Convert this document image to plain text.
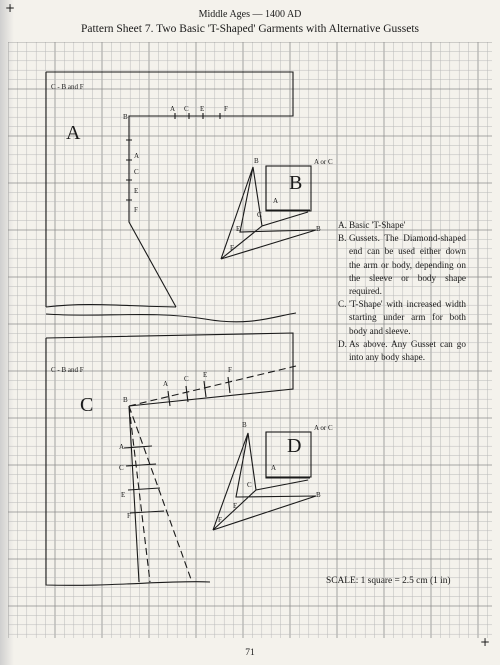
Middle Ages — 1400 AD
Pattern Sheet 7. Two Basic 'T-Shaped' Garments with Alternative Gussets
+
+
C - B and F
A
B
A C E	F
A
C
E
F
B
A or C
B
C
A
F
E	B
C - B and F
C	B
A
C E
F
A
C
E
F
D
A or C
B
C
A
F
E
B
A. Basic 'T-Shape'
B. Gussets. The Diamond-shaped end can be used either down the arm or body, depending on the sleeve or body shape required.
C. 'T-Shape' with increased width starting under arm for both body and sleeve.
D. As above. Any Gusset can go into any body shape.
SCALE: 1 square = 2.5 cm (1 in)
71
